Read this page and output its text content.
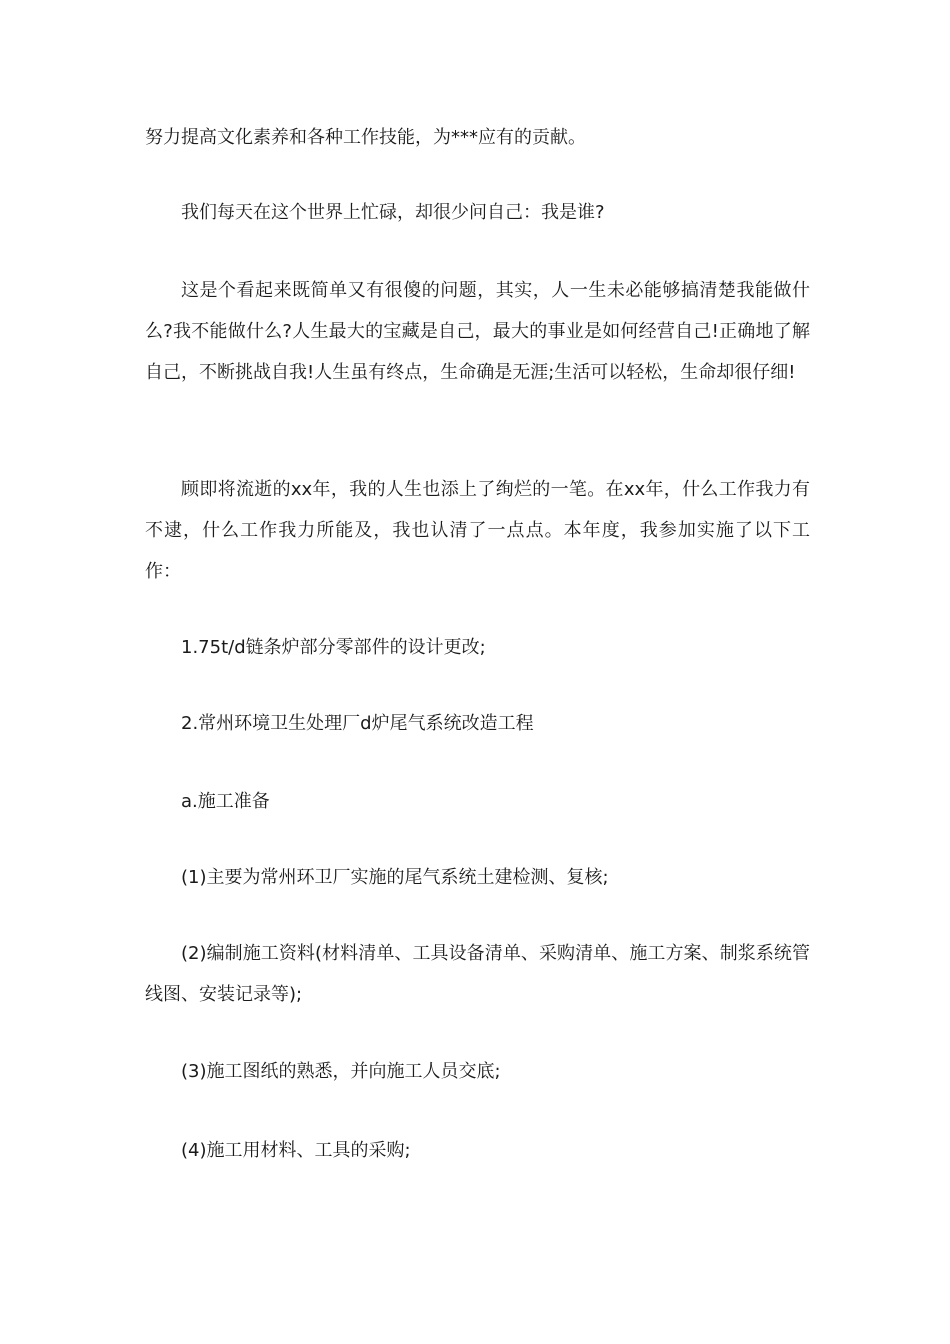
努力提高文化素养和各种工作技能，为***应有的贡献。

我们每天在这个世界上忙碌，却很少问自己：我是谁?

这是个看起来既简单又有很傻的问题，其实，人一生未必能够搞清楚我能做什么?我不能做什么?人生最大的宝藏是自己，最大的事业是如何经营自己!正确地了解自己，不断挑战自我!人生虽有终点，生命确是无涯;生活可以轻松，生命却很仔细!

顾即将流逝的xx年，我的人生也添上了绚烂的一笔。在xx年，什么工作我力有不逮，什么工作我力所能及，我也认清了一点点。本年度，我参加实施了以下工作：

1.75t/d链条炉部分零部件的设计更改;

2.常州环境卫生处理厂d炉尾气系统改造工程

a.施工准备

(1)主要为常州环卫厂实施的尾气系统土建检测、复核;

(2)编制施工资料(材料清单、工具设备清单、采购清单、施工方案、制浆系统管线图、安装记录等);

(3)施工图纸的熟悉，并向施工人员交底;

(4)施工用材料、工具的采购;
